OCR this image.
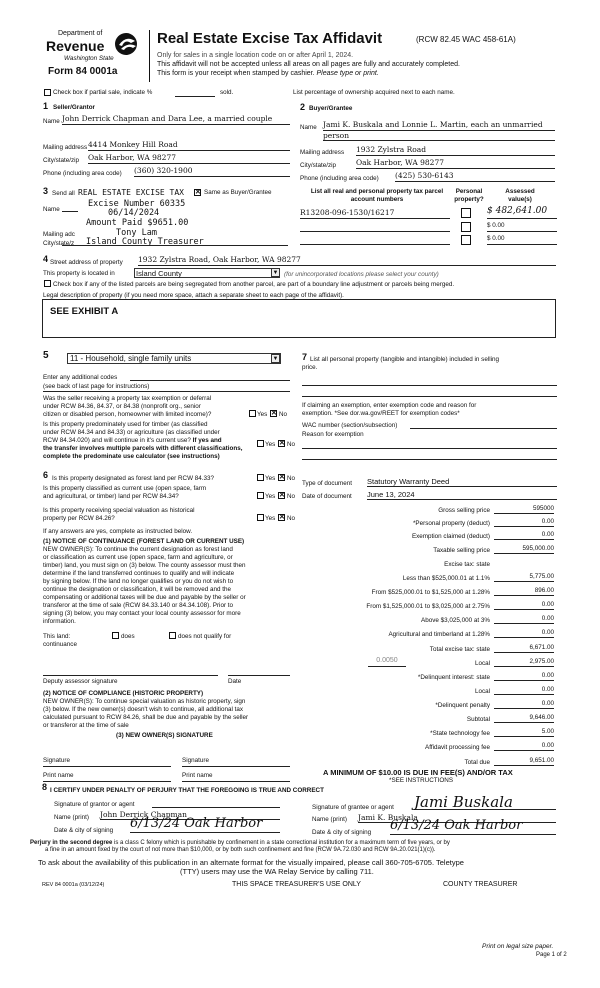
Department of
Revenue
Washington State
Form 84 0001a
Real Estate Excise Tax Affidavit	(RCW 82.45 WAC 458-61A)
Only for sales in a single location code on or after April 1, 2024.
This affidavit will not be accepted unless all areas on all pages are fully and accurately completed.
This form is your receipt when stamped by cashier. Please type or print.
Check box if partial sale, indicate %	sold.	List percentage of ownership acquired next to each name.
1 Seller/Grantor
Name John Derrick Chapman and Dara Lee, a married couple
Mailing address 4414 Monkey Hill Road
City/state/zip Oak Harbor, WA 98277
Phone (including area code) (360) 320-1900
2 Buyer/Grantee
Name Jami K. Buskala and Lonnie L. Martin, each an unmarried
person
Mailing address 1932 Zylstra Road
City/state/zip	Oak Harbor, WA 98277
Phone (including area code) (425) 530-6143
3 Send all REAL ESTATE EXCISE TAX ✕ Same as Buyer/Grantee
Name
Excise Number 60335
06/14/2024
Amount Paid $9651.00
Mailing adc	Tony Lam
City/state/z Island County Treasurer
List all real and personal property tax parcel account numbers
Personal property?
Assessed value(s)
R13208-096-1530/16217	$ 482,641.00
$ 0.00
$ 0.00
4 Street address of property 1932 Zylstra Road, Oak Harbor, WA 98277
This property is located in	Island County	▼ (for unincorporated locations please select your county)
Check box if any of the listed parcels are being segregated from another parcel, are part of a boundary line adjustment or parcels being merged.
Legal description of property (if you need more space, attach a separate sheet to each page of the affidavit).
SEE EXHIBIT A
5	11 - Household, single family units	▼
Enter any additional codes
(see back of last page for instructions)
Was the seller receiving a property tax exemption or deferral
under RCW 84.36, 84.37, or 84.38 (nonprofit org., senior
citizen or disabled person, homeowner with limited income)?	Yes ✕ No
Is this property predominately used for timber (as classified
under RCW 84.34 and 84.33) or agriculture (as classified under
RCW 84.34.020) and will continue in it's current use? If yes and
Yes ✕ No
the transfer involves multiple parcels with different classifications,
complete the predominate use calculator (see instructions)
6 Is this property designated as forest land per RCW 84.33?	Yes ✕ No
Is this property classified as current use (open space, farm
and agricultural, or timber) land per RCW 84.34?	Yes ✕ No
Is this property receiving special valuation as historical
property per RCW 84.26?	Yes ✕ No
If any answers are yes, complete as instructed below.
(1) NOTICE OF CONTINUANCE (FOREST LAND OR CURRENT USE)
NEW OWNER(S): To continue the current designation as forest land
or classification as current use (open space, farm and agriculture, or
timber) land, you must sign on (3) below. The county assessor must then
determine if the land transferred continues to qualify and will indicate
by signing below. If the land no longer qualifies or you do not wish to
continue the designation or classification, it will be removed and the
compensating or additional taxes will be due and payable by the seller or
transferor at the time of sale (RCW 84.33.140 or 84.34.108). Prior to
signing (3) below, you may contact your local county assessor for more
information.
This land:	does	does not qualify for
continuance
Deputy assessor signature	Date
(2) NOTICE OF COMPLIANCE (HISTORIC PROPERTY)
NEW OWNER(S): To continue special valuation as historic property, sign
(3) below. If the new owner(s) doesn't wish to continue, all additional tax
calculated pursuant to RCW 84.26, shall be due and payable by the seller
or transferor at the time of sale
(3) NEW OWNER(S) SIGNATURE
Signature	Signature
Print name	Print name
7 List all personal property (tangible and intangible) included in selling
price.
If claiming an exemption, enter exemption code and reason for
exemption. *See dor.wa.gov/REET for exemption codes*
WAC number (section/subsection)
Reason for exemption
Type of document Statutory Warranty Deed
Date of document June 13, 2024
Gross selling price	595000
*Personal property (deduct)	0.00
Exemption claimed (deduct)	0.00
Taxable selling price	595,000.00
Excise tax: state
Less than $525,000.01 at 1.1%	5,775.00
From $525,000.01 to $1,525,000 at 1.28%	896.00
From $1,525,000.01 to $3,025,000 at 2.75%	0.00
Above $3,025,000 at 3%	0.00
Agricultural and timberland at 1.28%	0.00
Total excise tax: state	6,671.00
0.0050	Local	2,975.00
*Delinquent interest: state	0.00
Local	0.00
*Delinquent penalty	0.00
Subtotal	9,646.00
*State technology fee	5.00
Affidavit processing fee	0.00
Total due	9,651.00
A MINIMUM OF $10.00 IS DUE IN FEE(S) AND/OR TAX
*SEE INSTRUCTIONS
8 I CERTIFY UNDER PENALTY OF PERJURY THAT THE FOREGOING IS TRUE AND CORRECT
Signature of grantor or agent
Name (print) John Derrick Chapman
Date & city of signing 6/13/24 Oak Harbor
Signature of grantee or agent Jami Buskala
Name (print) Jami K. Buskala
Date & city of signing 6/13/24 Oak Harbor
Perjury in the second degree is a class C felony which is punishable by confinement in a state correctional institution for a maximum term of five years, or by
a fine in an amount fixed by the court of not more than $10,000, or by both such confinement and fine (RCW 9A.72.030 and RCW 9A.20.021(1)(c)).
To ask about the availability of this publication in an alternate format for the visually impaired, please call 360-705-6705. Teletype
(TTY) users may use the WA Relay Service by calling 711.
REV 84 0001a (03/12/24)	THIS SPACE TREASURER'S USE ONLY	COUNTY TREASURER
Print on legal size paper.
Page 1 of 2
